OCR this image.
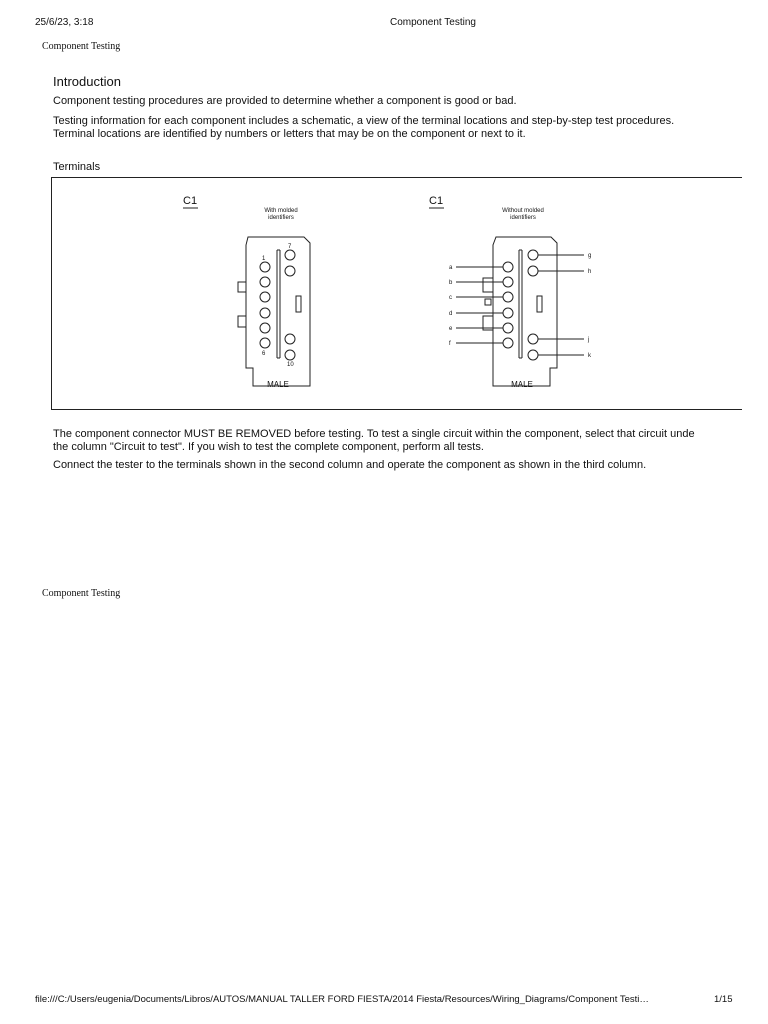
25/6/23, 3:18	Component Testing
Component Testing
Introduction
Component testing procedures are provided to determine whether a component is good or bad.
Testing information for each component includes a schematic, a view of the terminal locations and step-by-step test procedures.
Terminal locations are identified by numbers or letters that may be on the component or next to it.
Terminals
C1
With molded
identifiers
1
6
7
10
MALE
C1
Without molded
identifiers
a
b
c
d
e
f
g
h
j
k
MALE
The component connector MUST BE REMOVED before testing. To test a single circuit within the component, select that circuit unde
the column "Circuit to test". If you wish to test the complete component, perform all tests.
Connect the tester to the terminals shown in the second column and operate the component as shown in the third column.
Component Testing
file:///C:/Users/eugenia/Documents/Libros/AUTOS/MANUAL TALLER FORD FIESTA/2014 Fiesta/Resources/Wiring_Diagrams/Component Testi…	1/15
